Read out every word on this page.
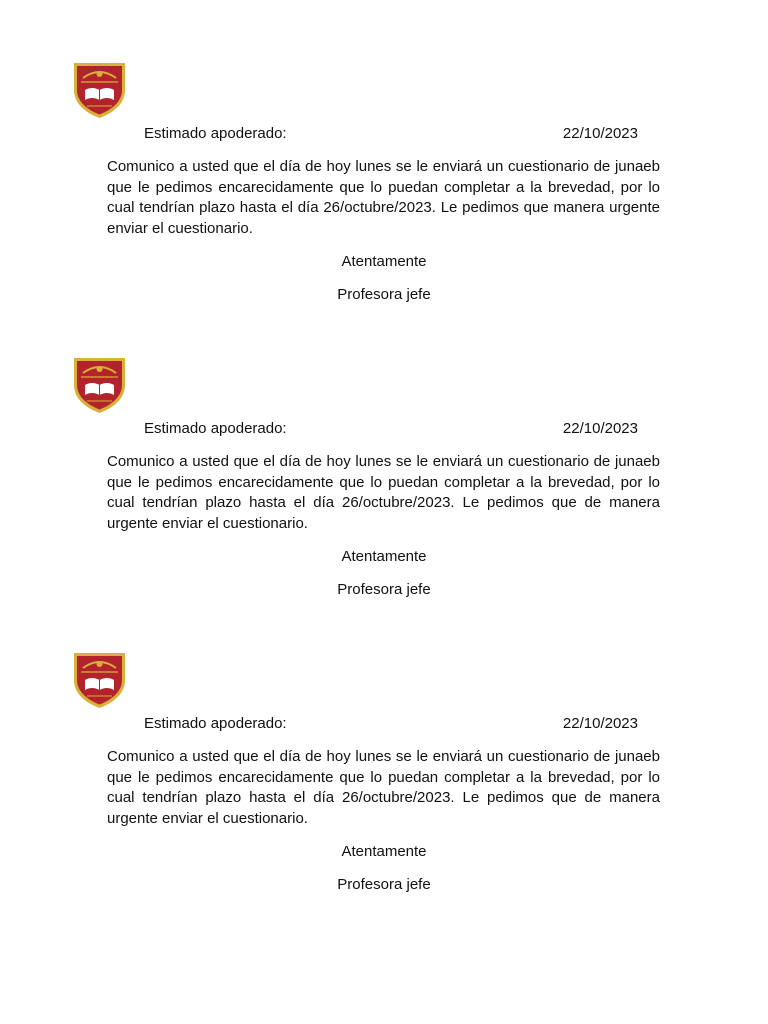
Estimado apoderado:	22/10/2023

Comunico a usted que el día de hoy lunes se le enviará un cuestionario de junaeb que le pedimos encarecidamente que lo puedan completar a la brevedad, por lo cual tendrían plazo hasta el día 26/octubre/2023. Le pedimos que manera urgente enviar el cuestionario.

Atentamente
Profesora jefe
Estimado apoderado:	22/10/2023

Comunico a usted que el día de hoy lunes se le enviará un cuestionario de junaeb que le pedimos encarecidamente que lo puedan completar a la brevedad, por lo cual tendrían plazo hasta el día 26/octubre/2023. Le pedimos que de manera urgente enviar el cuestionario.

Atentamente
Profesora jefe
Estimado apoderado:	22/10/2023

Comunico a usted que el día de hoy lunes se le enviará un cuestionario de junaeb que le pedimos encarecidamente que lo puedan completar a la brevedad, por lo cual tendrían plazo hasta el día 26/octubre/2023. Le pedimos que de manera urgente enviar el cuestionario.

Atentamente
Profesora jefe
